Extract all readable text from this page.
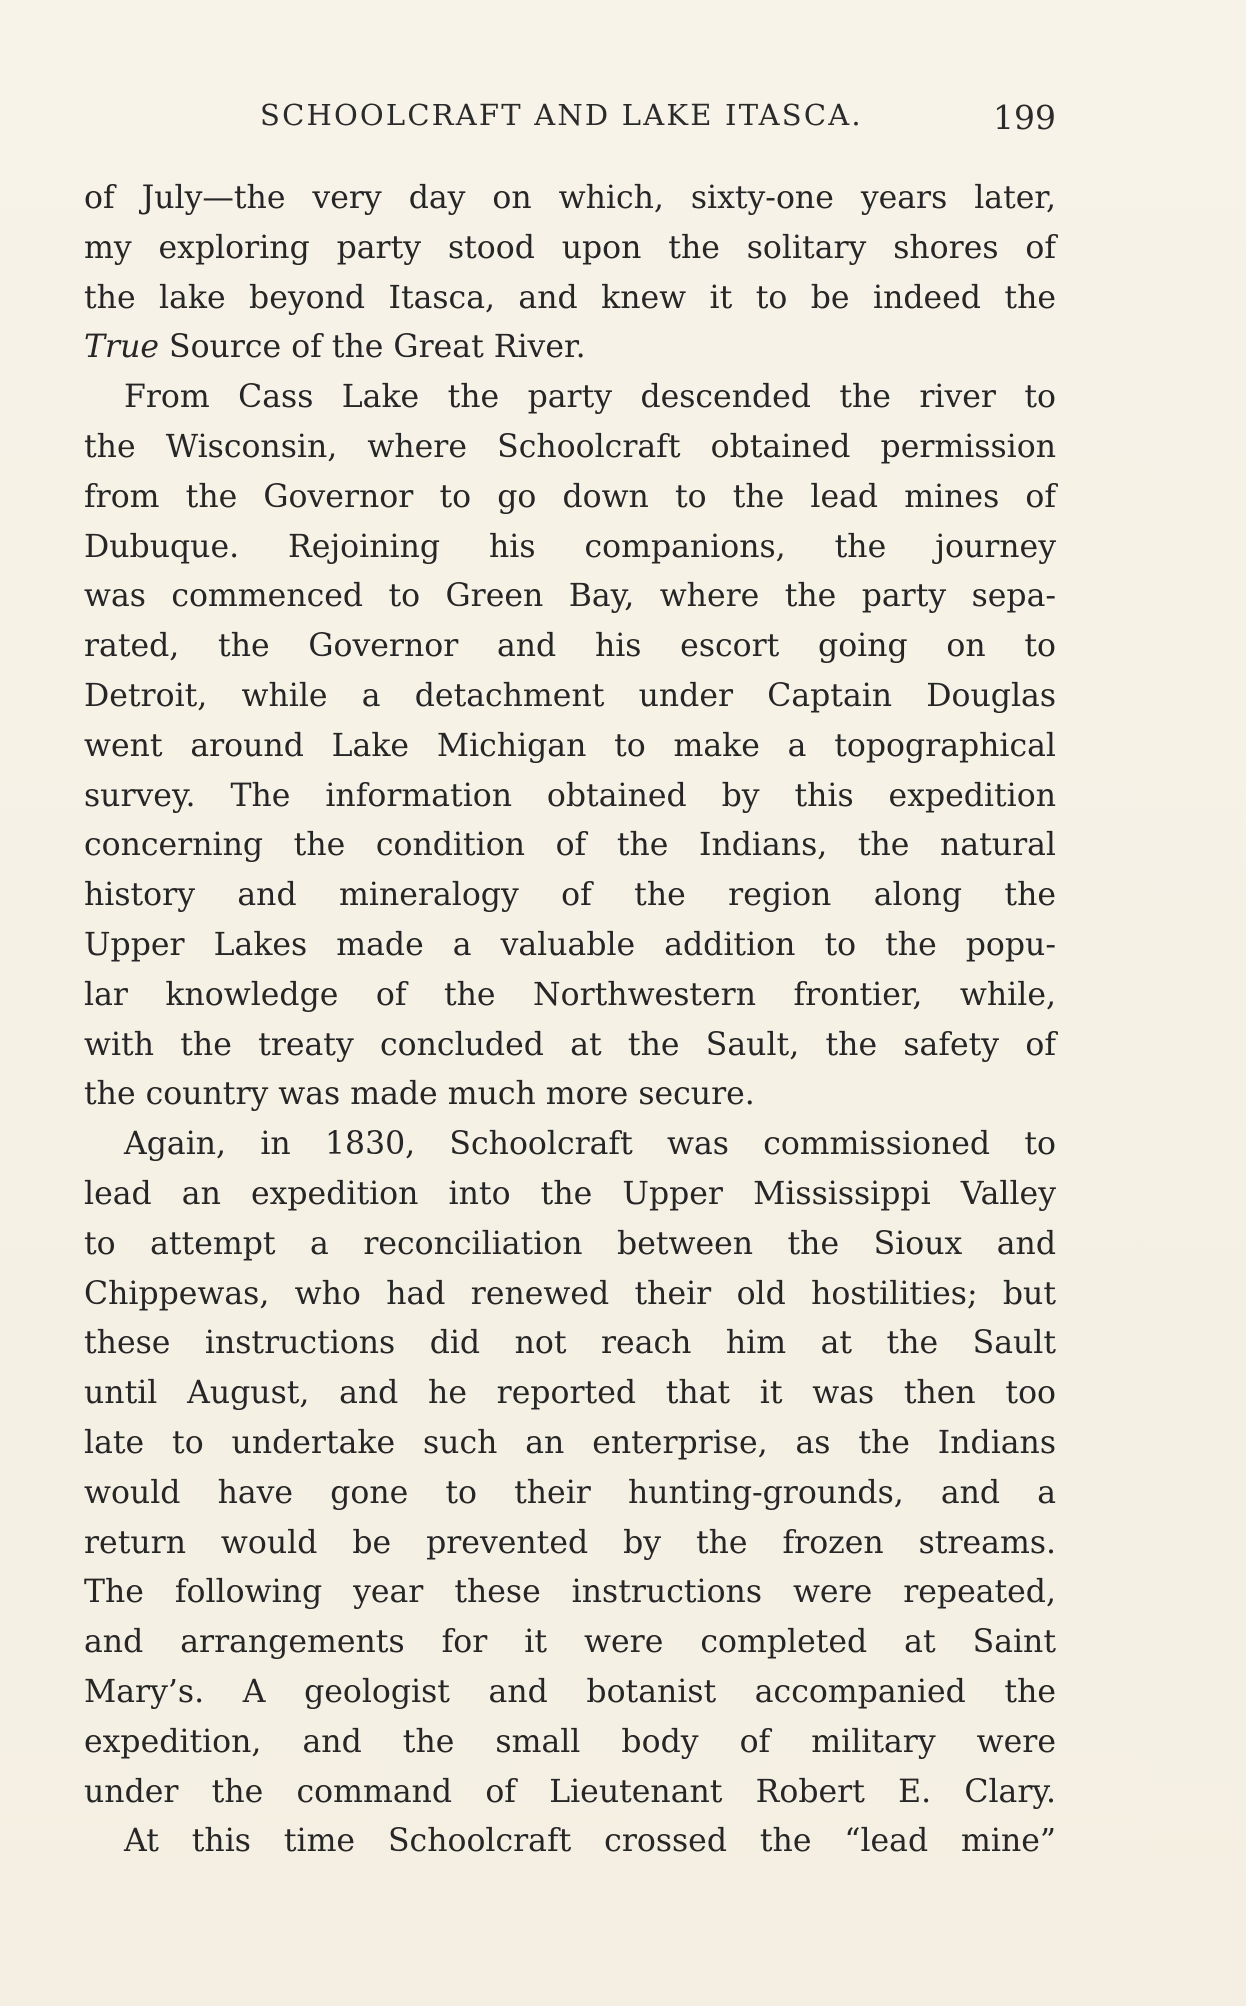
SCHOOLCRAFT AND LAKE ITASCA.	199
of July—the very day on which, sixty-one years later,
my exploring party stood upon the solitary shores of
the lake beyond Itasca, and knew it to be indeed the
True Source of the Great River.
From Cass Lake the party descended the river to
the Wisconsin, where Schoolcraft obtained permission
from the Governor to go down to the lead mines of
Dubuque. Rejoining his companions, the journey
was commenced to Green Bay, where the party sepa-
rated, the Governor and his escort going on to
Detroit, while a detachment under Captain Douglas
went around Lake Michigan to make a topographical
survey. The information obtained by this expedition
concerning the condition of the Indians, the natural
history and mineralogy of the region along the
Upper Lakes made a valuable addition to the popu-
lar knowledge of the Northwestern frontier, while,
with the treaty concluded at the Sault, the safety of
the country was made much more secure.
Again, in 1830, Schoolcraft was commissioned to
lead an expedition into the Upper Mississippi Valley
to attempt a reconciliation between the Sioux and
Chippewas, who had renewed their old hostilities; but
these instructions did not reach him at the Sault
until August, and he reported that it was then too
late to undertake such an enterprise, as the Indians
would have gone to their hunting-grounds, and a
return would be prevented by the frozen streams.
The following year these instructions were repeated,
and arrangements for it were completed at Saint
Mary’s. A geologist and botanist accompanied the
expedition, and the small body of military were
under the command of Lieutenant Robert E. Clary.
At this time Schoolcraft crossed the “lead mine”
